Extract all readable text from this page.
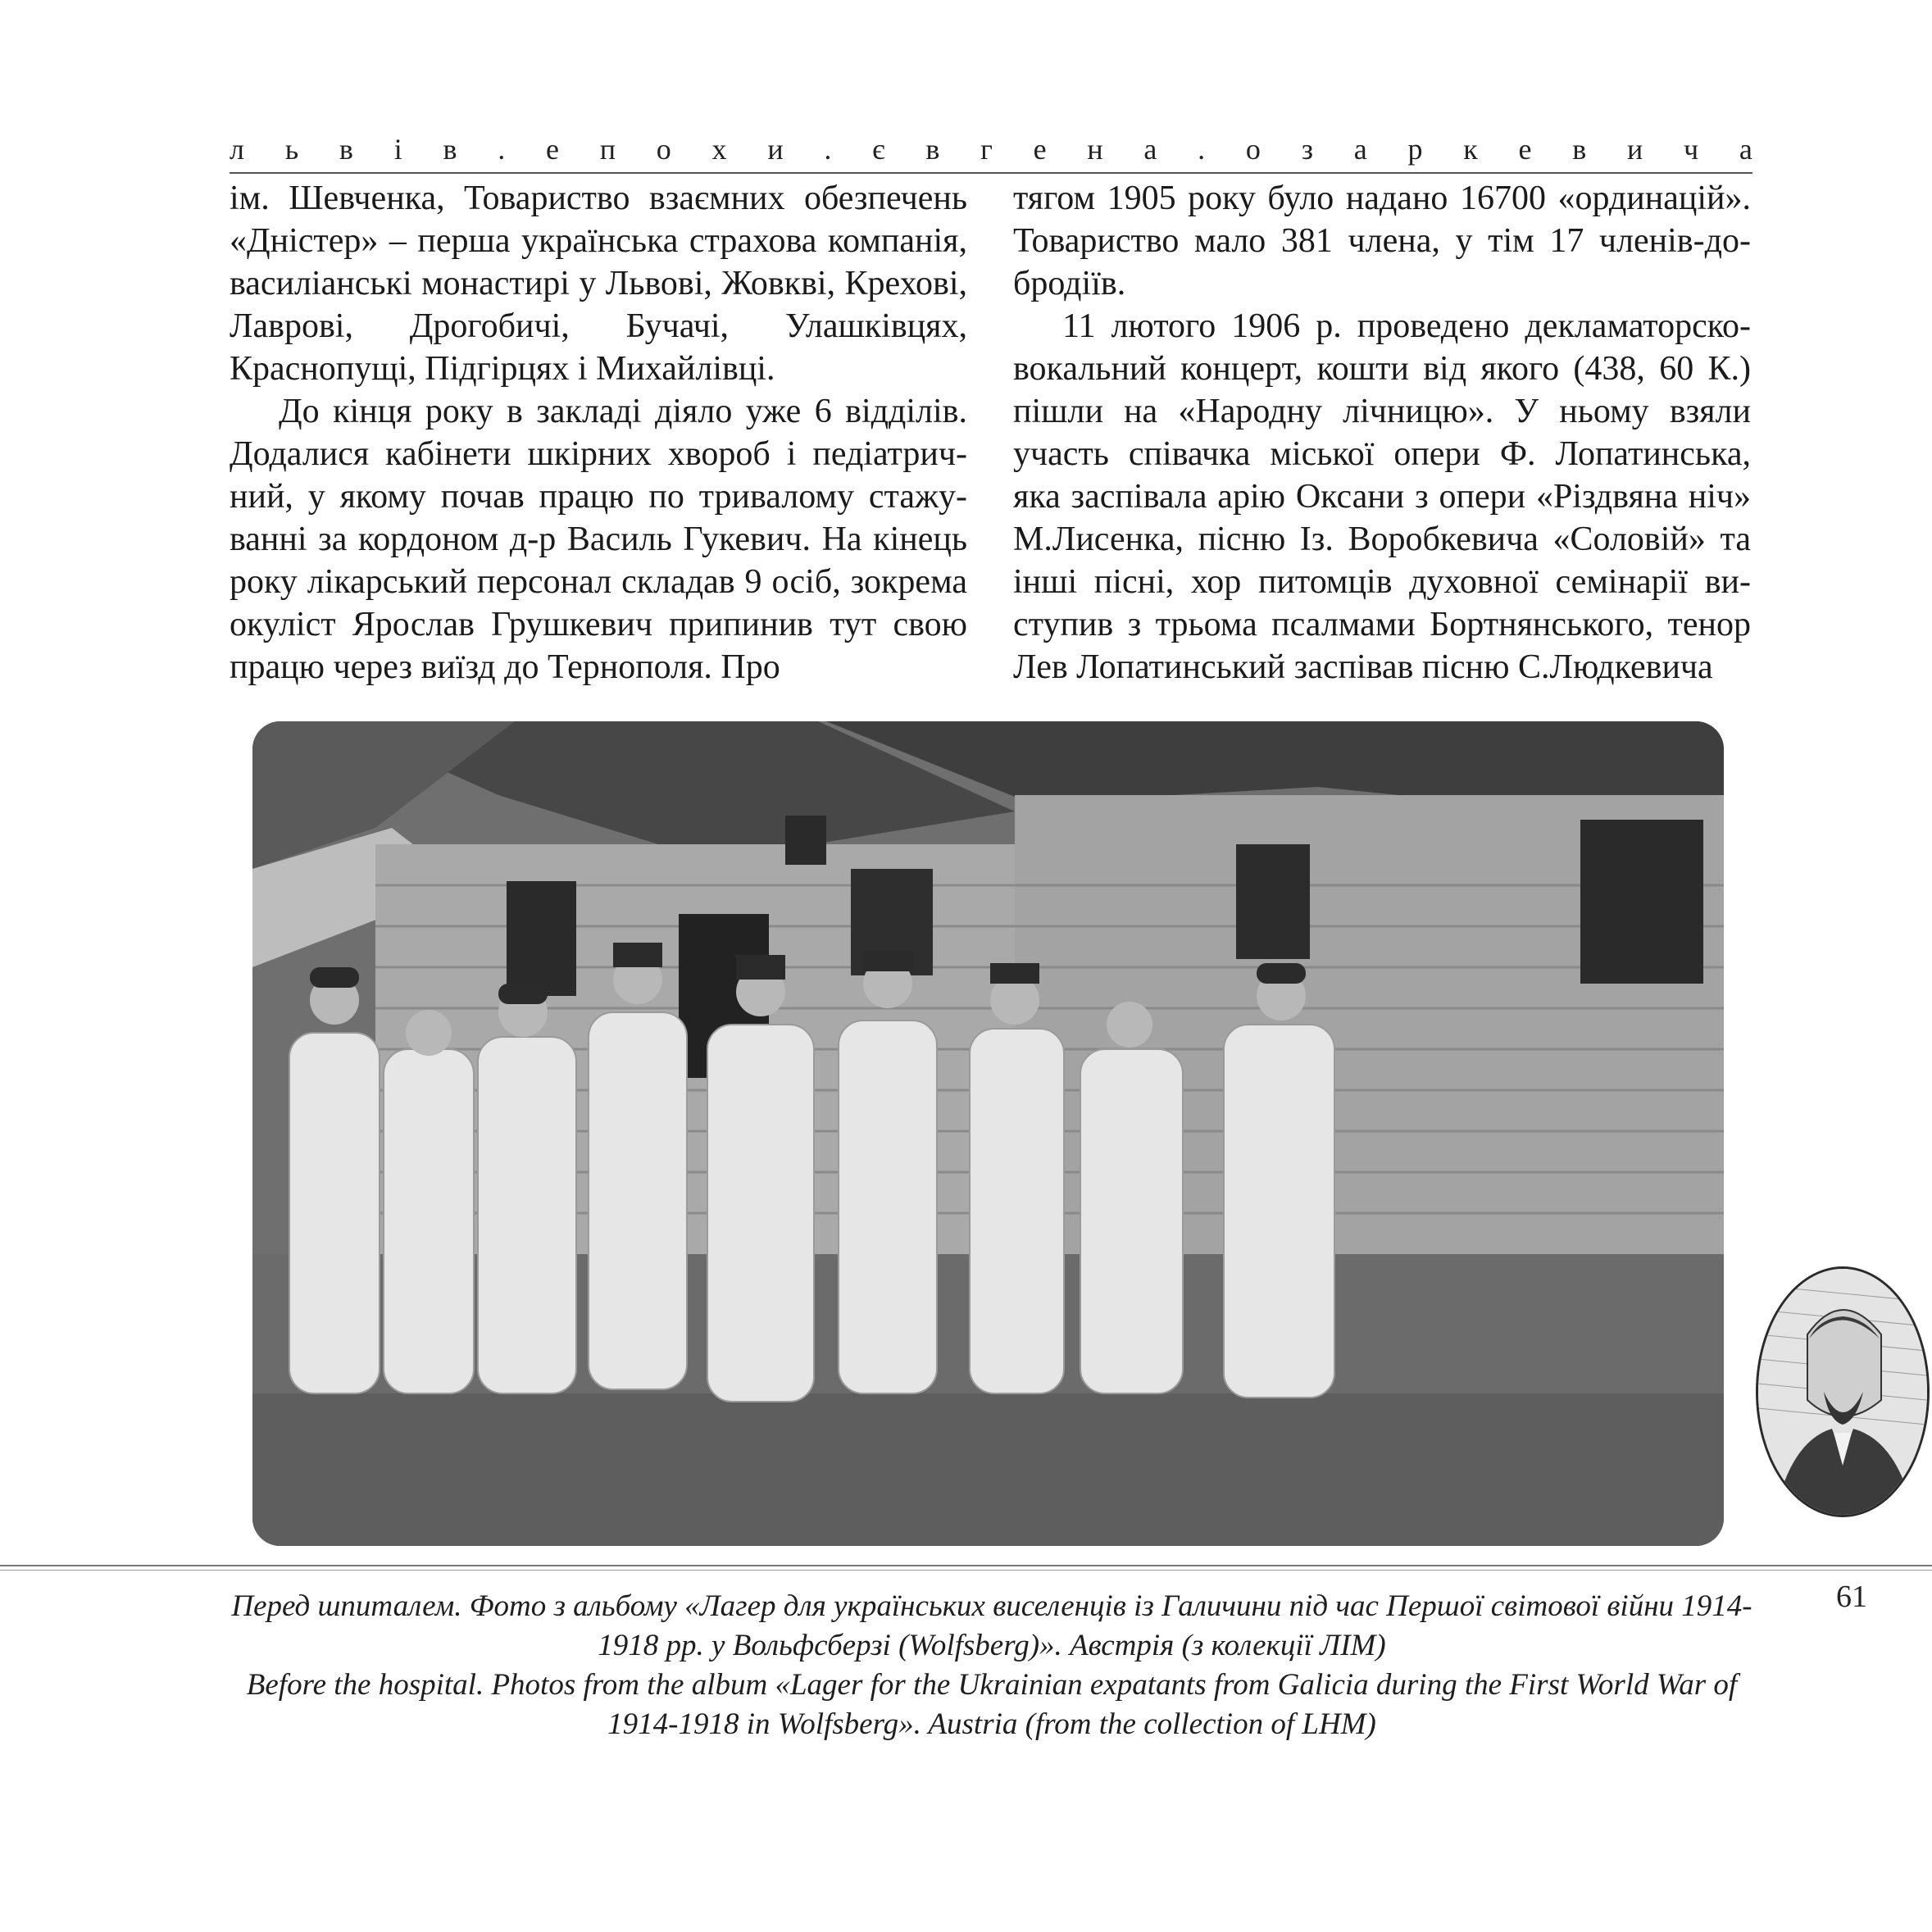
л ь в і в . е п о х и . є в г е н а . о з а р к е в и ч а

ім. Шевченка, Товариство взаємних обезпечень «Дністер» – перша українська страхова компанія, василіанські монастирі у Львові, Жовкві, Крехові, Лаврові, Дрогобичі, Бучачі, Улашківцях, Краснопущі, Підгірцях і Михайлівці.

До кінця року в закладі діяло уже 6 відділів. Додалися кабінети шкірних хвороб і педіатричний, у якому почав працю по тривалому стажуванні за кордоном д-р Василь Гукевич. На кінець року лікарський персонал складав 9 осіб, зокрема окуліст Ярослав Грушкевич припинив тут свою працю через виїзд до Тернополя. Про

тягом 1905 року було надано 16700 «ординацій». Товариство мало 381 члена, у тім 17 членів-добродіїв.

11 лютого 1906 р. проведено декламаторско-вокальний концерт, кошти від якого (438, 60 К.) пішли на «Народну лічницю». У ньому взяли участь співачка міської опери Ф. Лопатинська, яка заспівала арію Оксани з опери «Різдвяна ніч» М.Лисенка, пісню Із. Воробкевича «Соловій» та інші пісні, хор питомців духовної семінарії виступив з трьома псалмами Бортнянського, тенор Лев Лопатинський заспівав пісню С.Людкевича

61

Перед шпиталем. Фото з альбому «Лагер для українських виселенців із Галичини під час Першої світової війни 1914-1918 рр. у Вольфсберзі (Wolfsberg)». Австрія (з колекції ЛІМ)

Before the hospital. Photos from the album «Lager for the Ukrainian expatants from Galicia during the First World War of 1914-1918 in Wolfsberg». Austria (from the collection of LHM)
